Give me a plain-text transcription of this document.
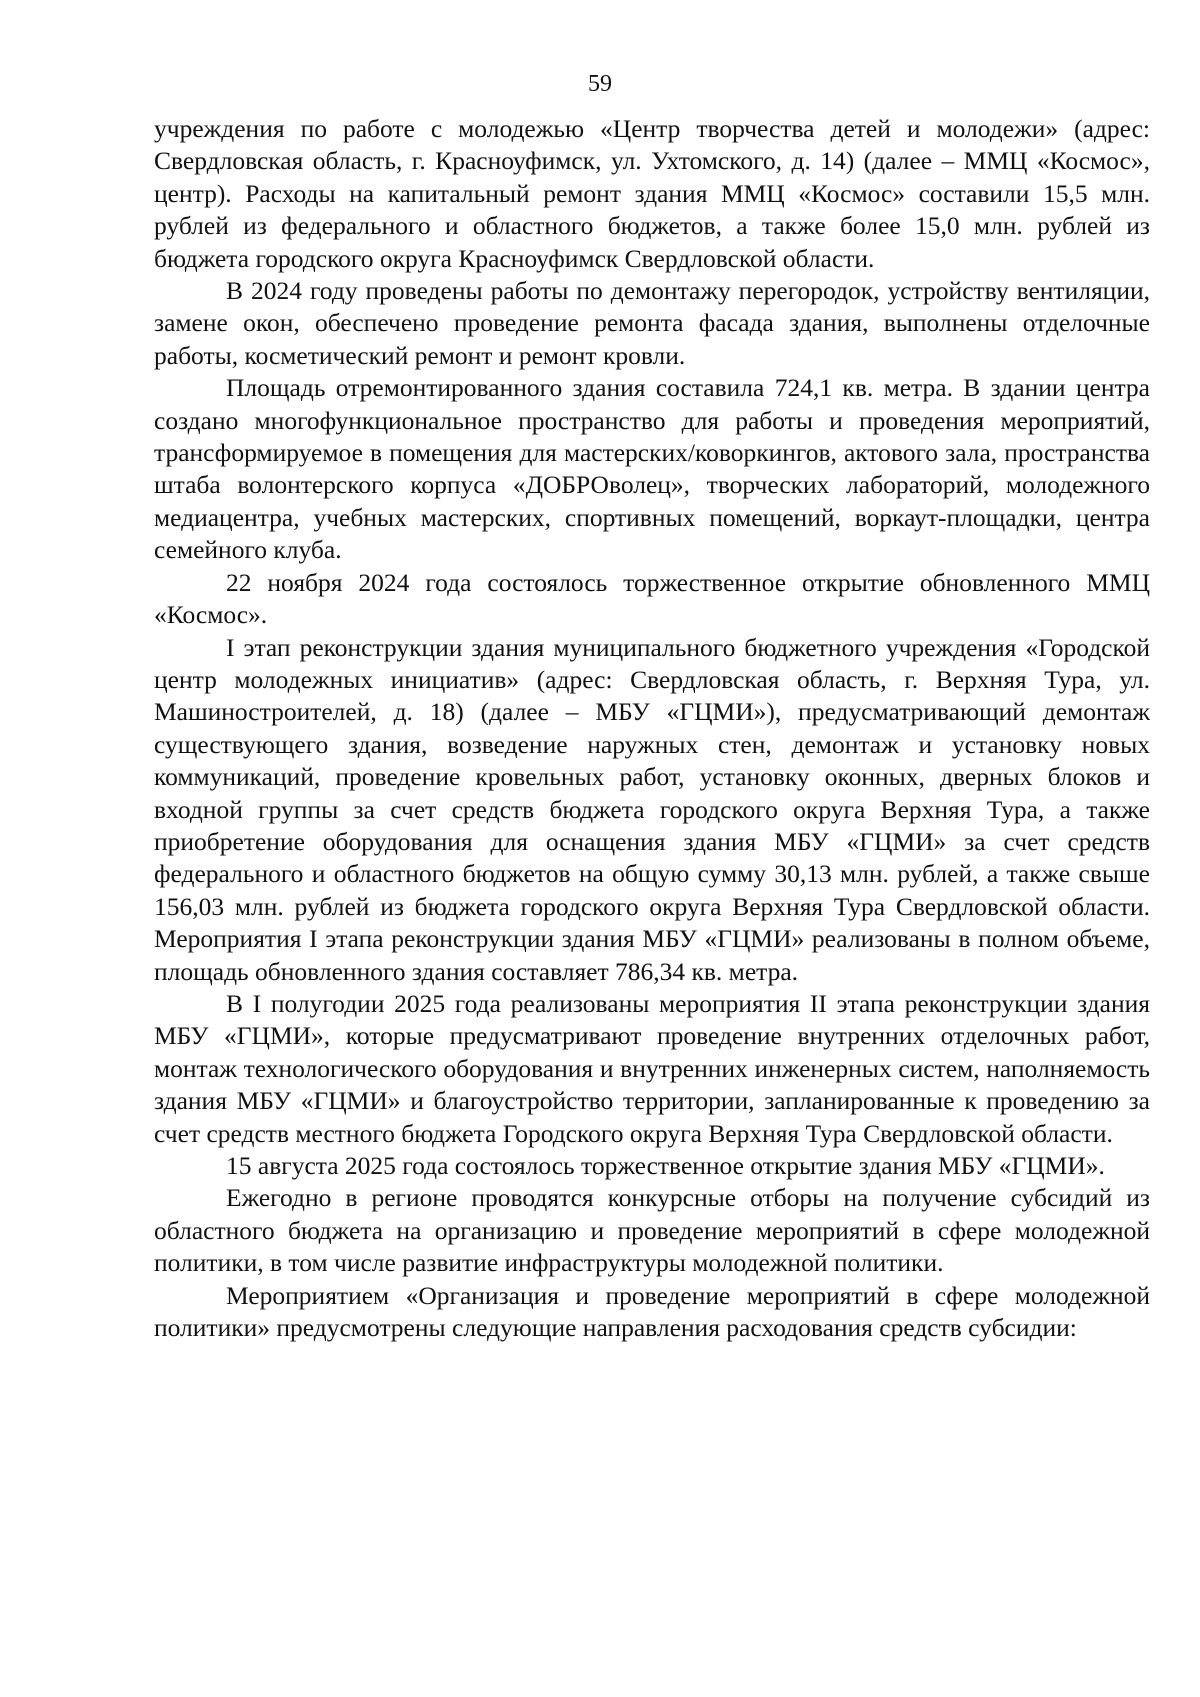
59

учреждения по работе с молодежью «Центр творчества детей и молодежи» (адрес: Свердловская область, г. Красноуфимск, ул. Ухтомского, д. 14) (далее – ММЦ «Космос», центр). Расходы на капитальный ремонт здания ММЦ «Космос» составили 15,5 млн. рублей из федерального и областного бюджетов, а также более 15,0 млн. рублей из бюджета городского округа Красноуфимск Свердловской области.

В 2024 году проведены работы по демонтажу перегородок, устройству вентиляции, замене окон, обеспечено проведение ремонта фасада здания, выполнены отделочные работы, косметический ремонт и ремонт кровли.

Площадь отремонтированного здания составила 724,1 кв. метра. В здании центра создано многофункциональное пространство для работы и проведения мероприятий, трансформируемое в помещения для мастерских/коворкингов, актового зала, пространства штаба волонтерского корпуса «ДОБРОволец», творческих лабораторий, молодежного медиацентра, учебных мастерских, спортивных помещений, воркаут-площадки, центра семейного клуба.

22 ноября 2024 года состоялось торжественное открытие обновленного ММЦ «Космос».

I этап реконструкции здания муниципального бюджетного учреждения «Городской центр молодежных инициатив» (адрес: Свердловская область, г. Верхняя Тура, ул. Машиностроителей, д. 18) (далее – МБУ «ГЦМИ»), предусматривающий демонтаж существующего здания, возведение наружных стен, демонтаж и установку новых коммуникаций, проведение кровельных работ, установку оконных, дверных блоков и входной группы за счет средств бюджета городского округа Верхняя Тура, а также приобретение оборудования для оснащения здания МБУ «ГЦМИ» за счет средств федерального и областного бюджетов на общую сумму 30,13 млн. рублей, а также свыше 156,03 млн. рублей из бюджета городского округа Верхняя Тура Свердловской области. Мероприятия I этапа реконструкции здания МБУ «ГЦМИ» реализованы в полном объеме, площадь обновленного здания составляет 786,34 кв. метра.

В I полугодии 2025 года реализованы мероприятия II этапа реконструкции здания МБУ «ГЦМИ», которые предусматривают проведение внутренних отделочных работ, монтаж технологического оборудования и внутренних инженерных систем, наполняемость здания МБУ «ГЦМИ» и благоустройство территории, запланированные к проведению за счет средств местного бюджета Городского округа Верхняя Тура Свердловской области.

15 августа 2025 года состоялось торжественное открытие здания МБУ «ГЦМИ».

Ежегодно в регионе проводятся конкурсные отборы на получение субсидий из областного бюджета на организацию и проведение мероприятий в сфере молодежной политики, в том числе развитие инфраструктуры молодежной политики.

Мероприятием «Организация и проведение мероприятий в сфере молодежной политики» предусмотрены следующие направления расходования средств субсидии:
